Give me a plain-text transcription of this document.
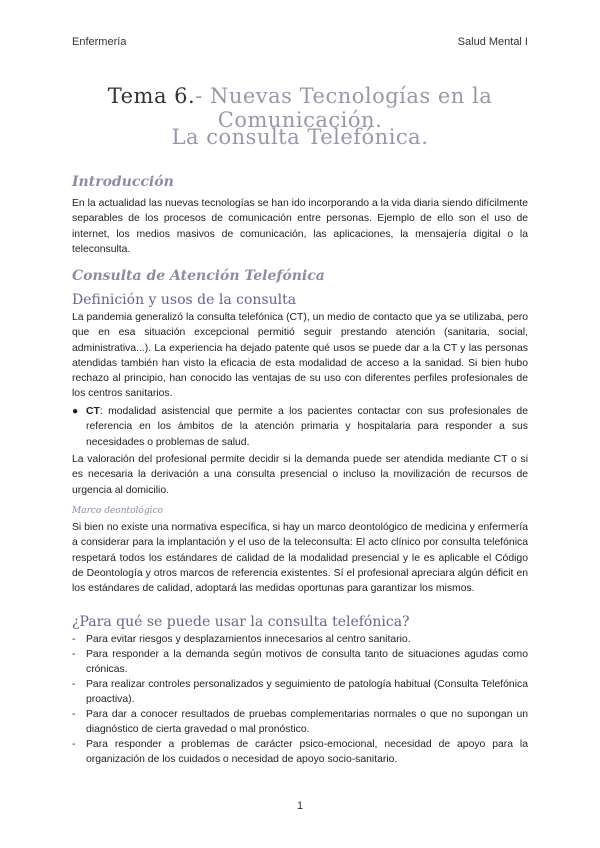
Enfermería	Salud Mental I
Tema 6.- Nuevas Tecnologías en la Comunicación.
La consulta Telefónica.
Introducción
En la actualidad las nuevas tecnologías se han ido incorporando a la vida diaria siendo difícilmente separables de los procesos de comunicación entre personas. Ejemplo de ello son el uso de internet, los medios masivos de comunicación, las aplicaciones, la mensajería digital o la teleconsulta.
Consulta de Atención Telefónica
Definición y usos de la consulta
La pandemia generalizó la consulta telefónica (CT), un medio de contacto que ya se utilizaba, pero que en esa situación excepcional permitió seguir prestando atención (sanitaria, social, administrativa...). La experiencia ha dejado patente qué usos se puede dar a la CT y las personas atendidas también han visto la eficacia de esta modalidad de acceso a la sanidad. Si bien hubo rechazo al principio, han conocido las ventajas de su uso con diferentes perfiles profesionales de los centros sanitarios.
● CT: modalidad asistencial que permite a los pacientes contactar con sus profesionales de referencia en los ámbitos de la atención primaria y hospitalaria para responder a sus necesidades o problemas de salud.
La valoración del profesional permite decidir si la demanda puede ser atendida mediante CT o si es necesaria la derivación a una consulta presencial o incluso la movilización de recursos de urgencia al domicilio.
Marco deontológico
Si bien no existe una normativa específica, si hay un marco deontológico de medicina y enfermería a considerar para la implantación y el uso de la teleconsulta: El acto clínico por consulta telefónica respetará todos los estándares de calidad de la modalidad presencial y le es aplicable el Código de Deontología y otros marcos de referencia existentes. Sí el profesional apreciara algún déficit en los estándares de calidad, adoptará las medidas oportunas para garantizar los mismos.
¿Para qué se puede usar la consulta telefónica?
- Para evitar riesgos y desplazamientos innecesarios al centro sanitario.
- Para responder a la demanda según motivos de consulta tanto de situaciones agudas como crónicas.
- Para realizar controles personalizados y seguimiento de patología habitual (Consulta Telefónica proactiva).
- Para dar a conocer resultados de pruebas complementarias normales o que no supongan un diagnóstico de cierta gravedad o mal pronóstico.
- Para responder a problemas de carácter psico-emocional, necesidad de apoyo para la organización de los cuidados o necesidad de apoyo socio-sanitario.
1
